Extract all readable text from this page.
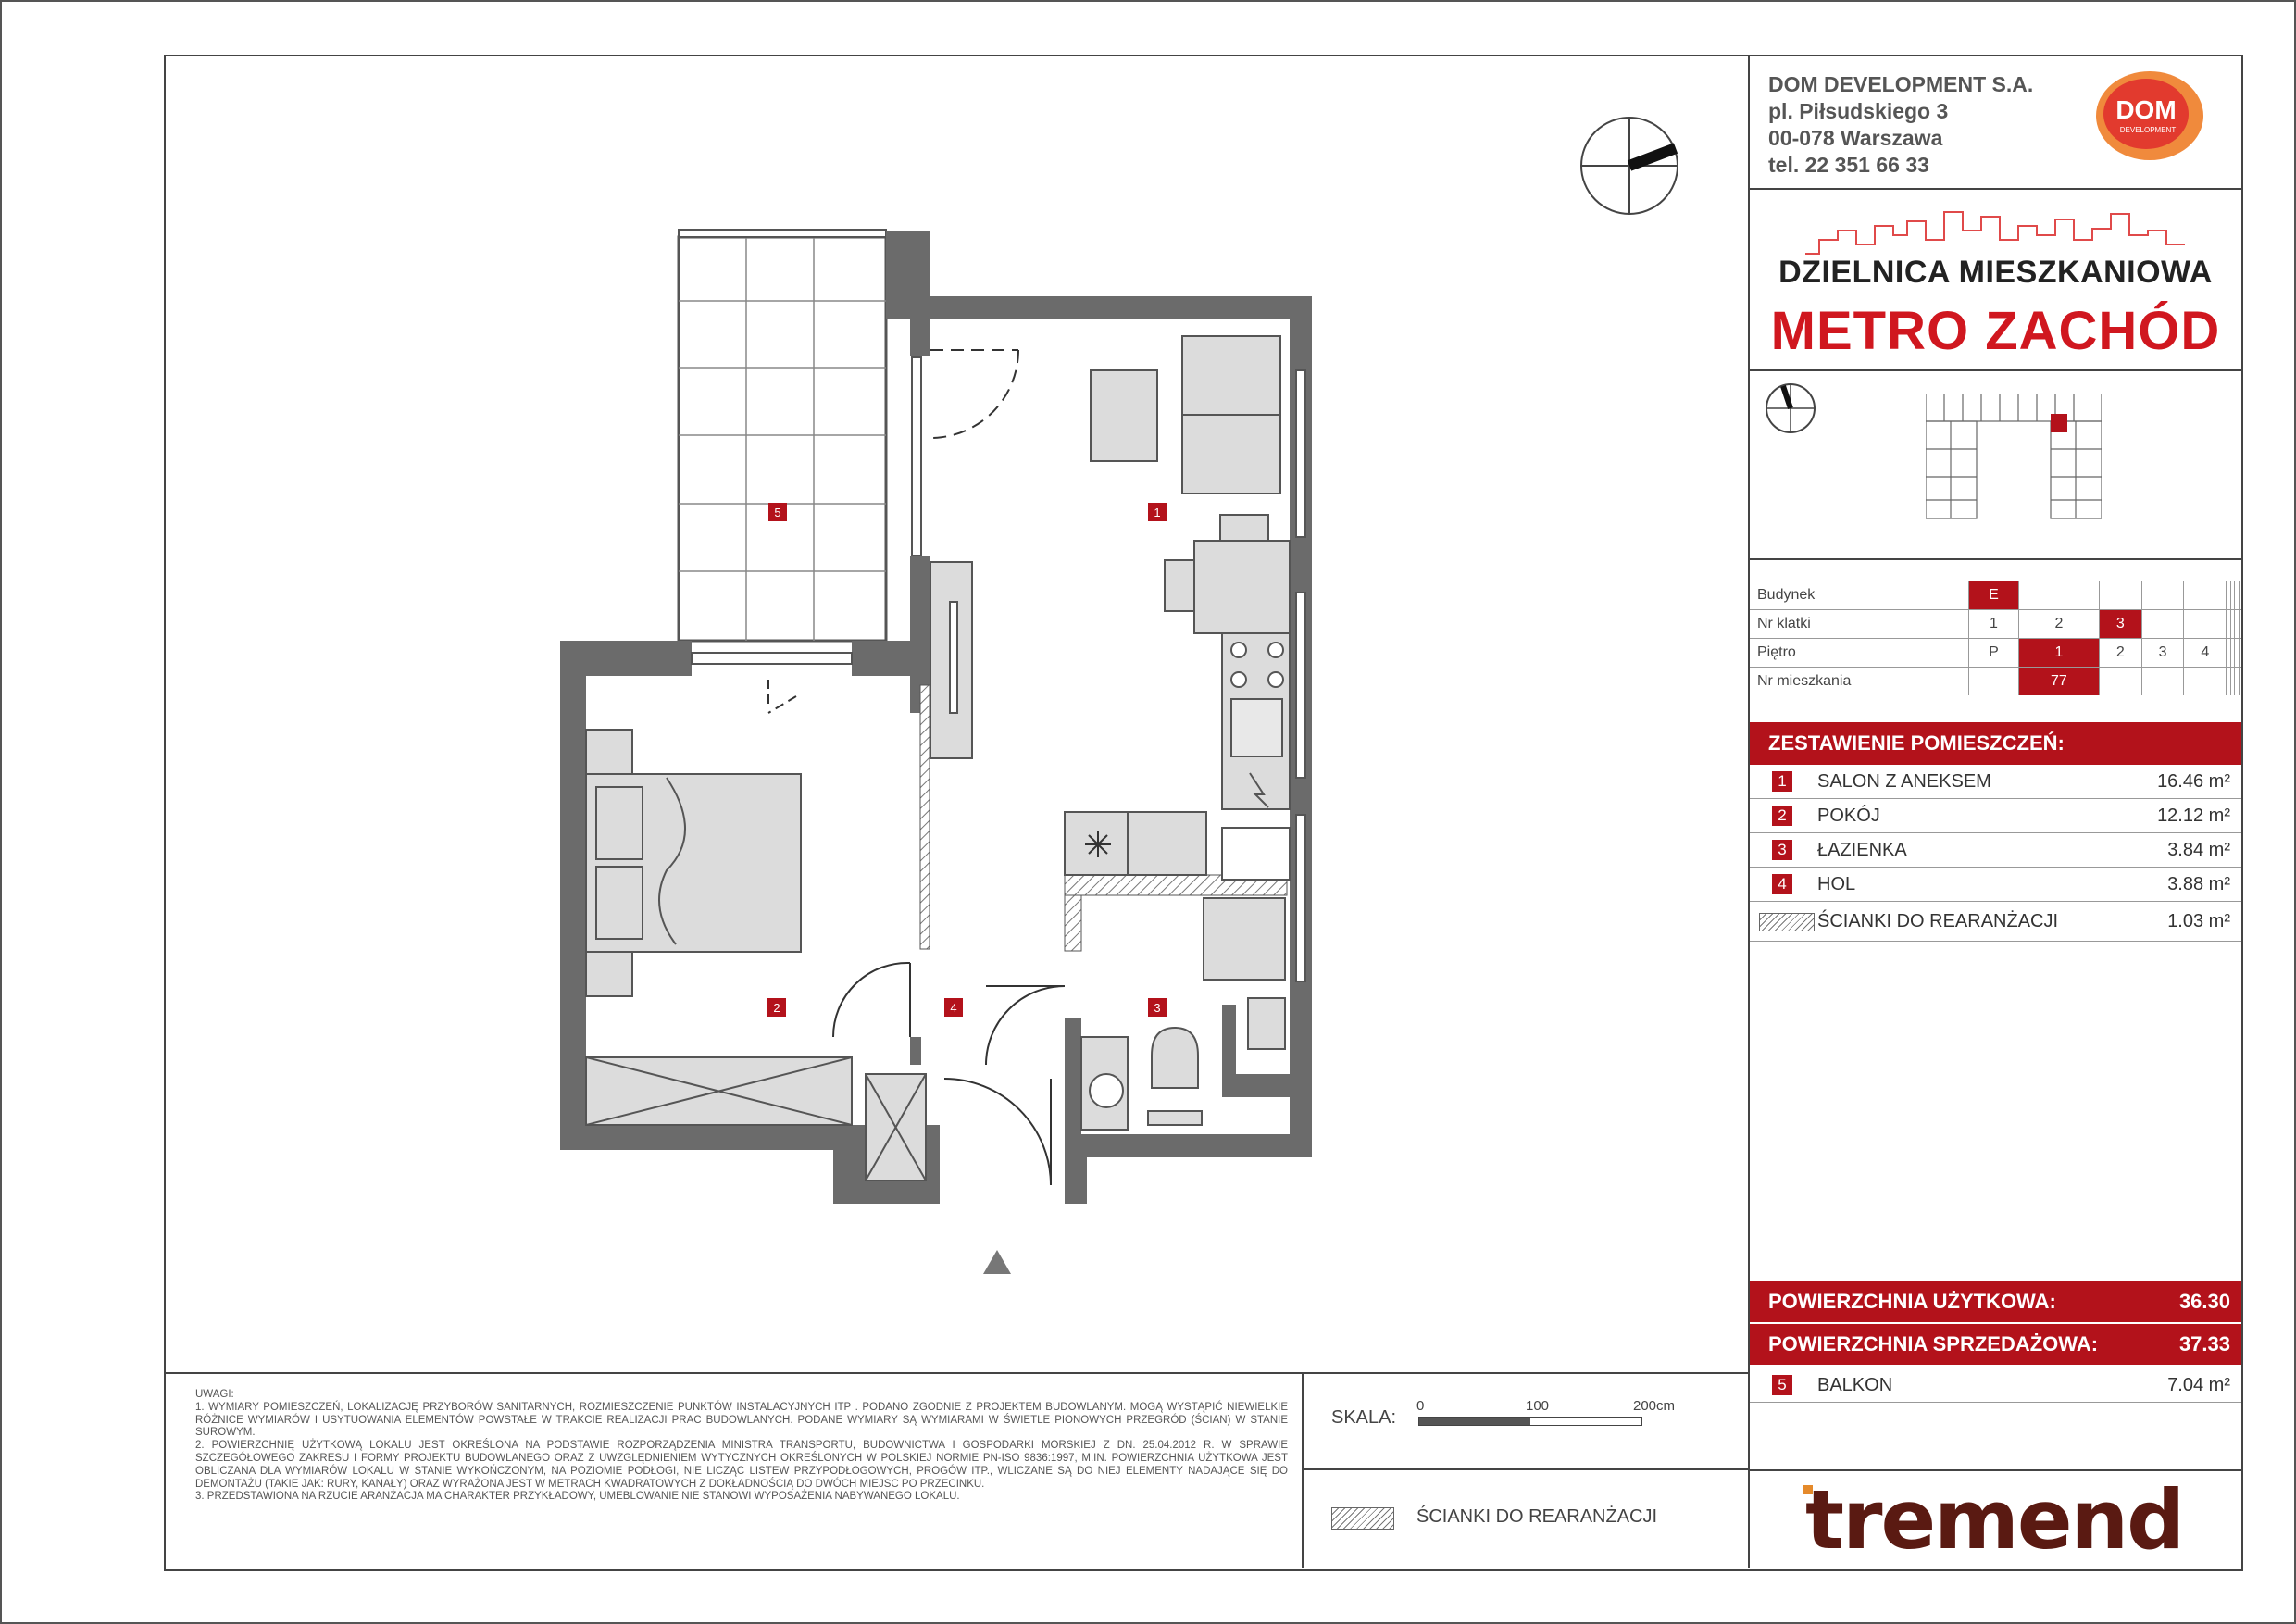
1
2	3
4
5
DOM DEVELOPMENT S.A.
pl. Piłsudskiego 3
00-078 Warszawa
tel. 22 351 66 33
DOM
DEVELOPMENT
DZIELNICA MIESZKANIOWA
METRO ZACHÓD
Budynek	E								
Nr klatki	1	2	3						
Piętro	P	1	2	3	4				
Nr mieszkania		77							
ZESTAWIENIE POMIESZCZEŃ:
1	SALON Z ANEKSEM	16.46 m²
2	POKÓJ	12.12 m²
3	ŁAZIENKA	3.84 m²
4	HOL	3.88 m²
ŚCIANKI DO REARANŻACJI	1.03 m²
POWIERZCHNIA UŻYTKOWA:	36.30
POWIERZCHNIA SPRZEDAŻOWA:	37.33
5	BALKON	7.04 m²

UWAGI:

1. WYMIARY POMIESZCZEŃ, LOKALIZACJĘ PRZYBORÓW SANITARNYCH, ROZMIESZCZENIE PUNKTÓW INSTALACYJNYCH ITP . PODANO ZGODNIE Z PROJEKTEM BUDOWLANYM. MOGĄ WYSTĄPIĆ NIEWIELKIE RÓŻNICE WYMIARÓW I USYTUOWANIA ELEMENTÓW POWSTAŁE W TRAKCIE REALIZACJI PRAC BUDOWLANYCH. PODANE WYMIARY SĄ WYMIARAMI W ŚWIETLE PIONOWYCH PRZEGRÓD (ŚCIAN) W STANIE SUROWYM.

2. POWIERZCHNIĘ UŻYTKOWĄ LOKALU JEST OKREŚLONA NA PODSTAWIE ROZPORZĄDZENIA MINISTRA TRANSPORTU, BUDOWNICTWA I GOSPODARKI MORSKIEJ Z DN. 25.04.2012 R. W SPRAWIE SZCZEGÓŁOWEGO ZAKRESU I FORMY PROJEKTU BUDOWLANEGO ORAZ Z UWZGLĘDNIENIEM WYTYCZNYCH OKREŚLONYCH W POLSKIEJ NORMIE PN-ISO 9836:1997, M.IN. POWIERZCHNIA UŻYTKOWA JEST OBLICZANA DLA WYMIARÓW LOKALU W STANIE WYKOŃCZONYM, NA POZIOMIE PODŁOGI, NIE LICZĄC LISTEW PRZYPODŁOGOWYCH, PROGÓW ITP., WLICZANE SĄ DO NIEJ ELEMENTY NADAJĄCE SIĘ DO DEMONTAŻU (TAKIE JAK: RURY, KANAŁY) ORAZ WYRAŻONA JEST W METRACH KWADRATOWYCH Z DOKŁADNOŚCIĄ DO DWÓCH MIEJSC PO PRZECINKU.

3. PRZEDSTAWIONA NA RZUCIE ARANŻACJA MA CHARAKTER PRZYKŁADOWY, UMEBLOWANIE NIE STANOWI WYPOSAŻENIA NABYWANEGO LOKALU.

SKALA:
0	100	200cm
ŚCIANKI DO REARANŻACJI tremend
